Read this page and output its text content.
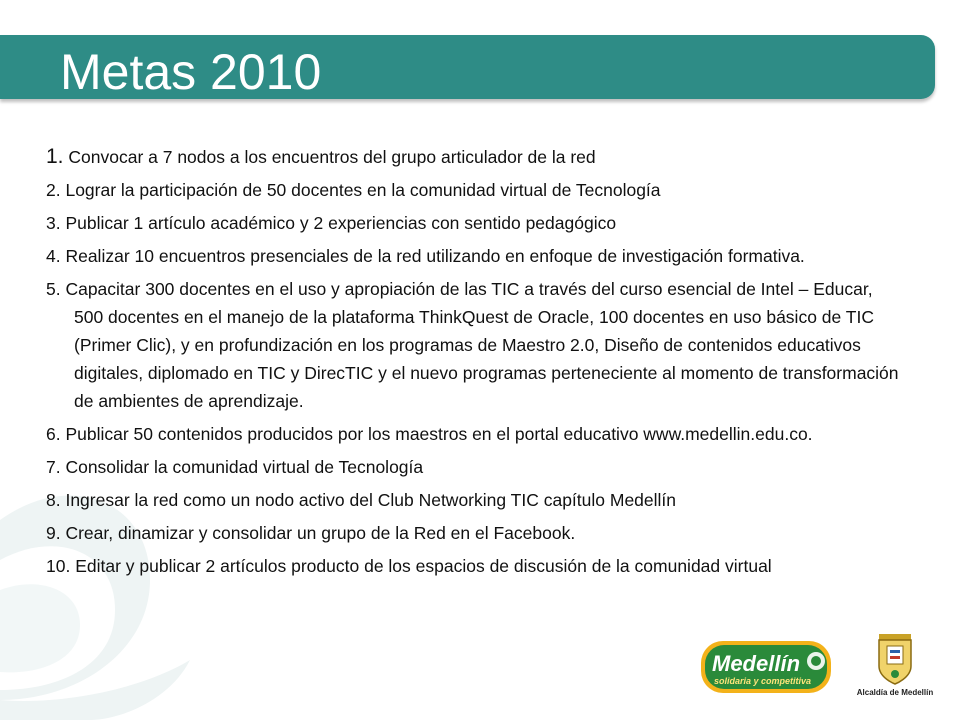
Metas 2010
1. Convocar a 7 nodos a los encuentros del grupo articulador de la red
2. Lograr la participación de 50 docentes en la comunidad virtual de Tecnología
3. Publicar 1 artículo académico y 2 experiencias con sentido pedagógico
4. Realizar 10 encuentros presenciales de la red utilizando en enfoque de investigación formativa.
5. Capacitar 300 docentes en el uso y apropiación de las TIC a través del curso esencial de Intel – Educar, 500 docentes en el manejo de la plataforma ThinkQuest de Oracle, 100 docentes en uso básico de TIC (Primer Clic), y en profundización en los programas de Maestro 2.0, Diseño de contenidos educativos digitales, diplomado en TIC y DirecTIC y el nuevo programas perteneciente al momento de transformación de ambientes de aprendizaje.
6. Publicar 50 contenidos producidos por los maestros en el portal educativo www.medellin.edu.co.
7. Consolidar la comunidad virtual de Tecnología
8. Ingresar la red como un nodo activo del Club Networking TIC capítulo Medellín
9. Crear, dinamizar y consolidar un grupo de la Red en el Facebook.
10. Editar y publicar 2 artículos producto de los espacios de discusión de la comunidad virtual
Medellín
solidaria y competitiva
Alcaldía de Medellín
